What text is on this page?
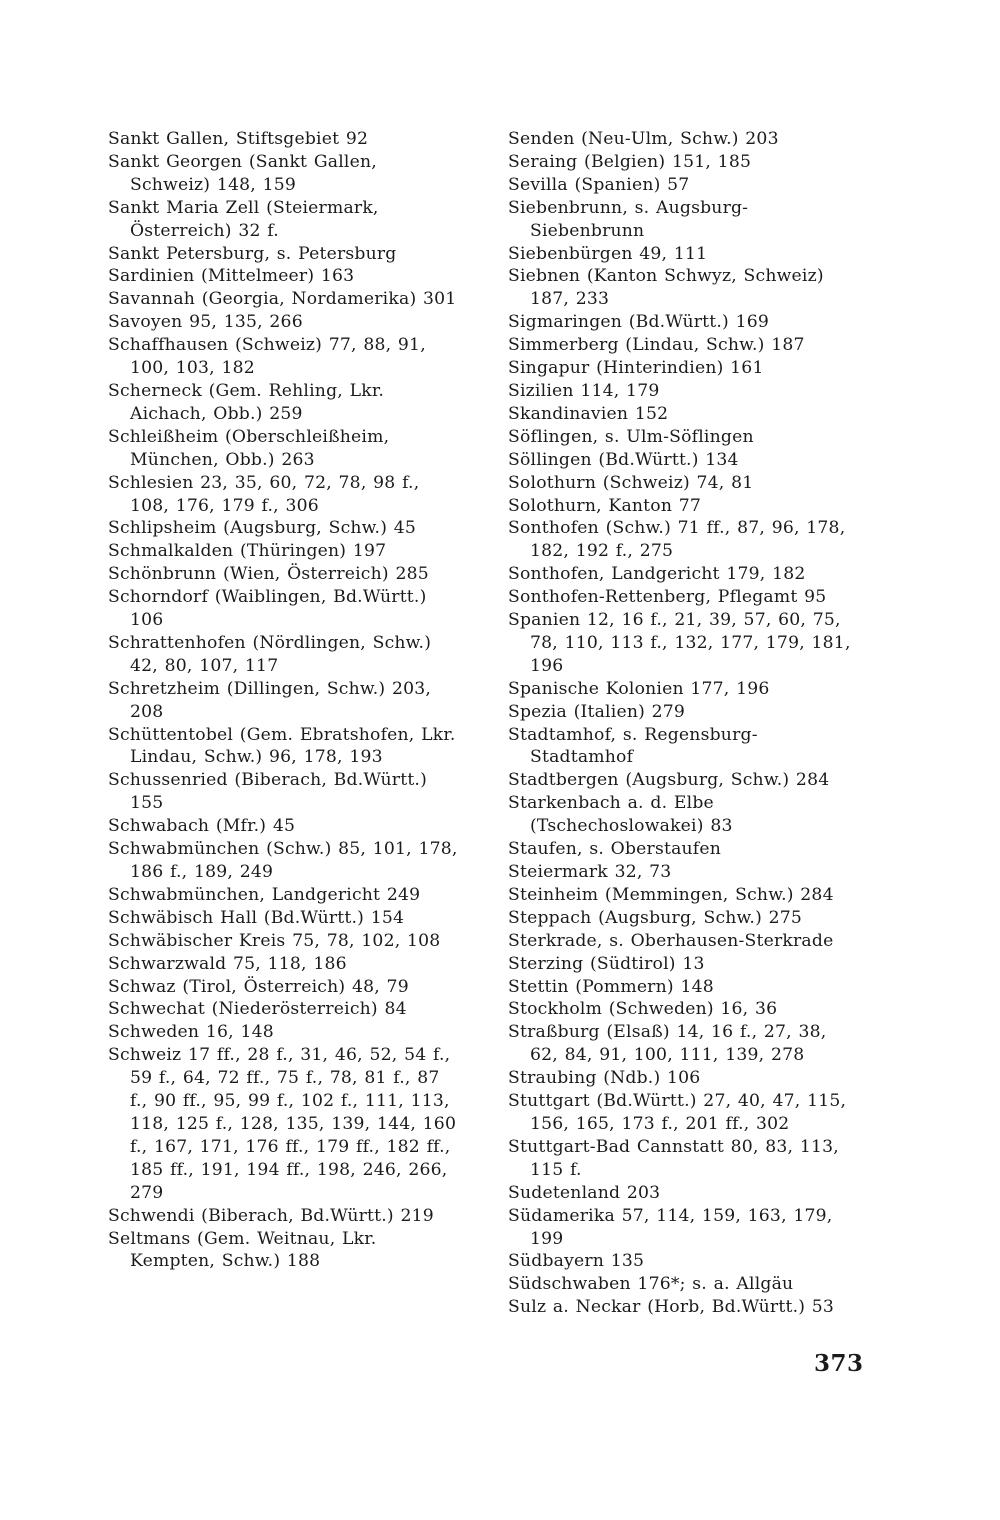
Sankt Gallen, Stiftsgebiet 92
Sankt Georgen (Sankt Gallen, Schweiz) 148, 159
Sankt Maria Zell (Steiermark, Österreich) 32 f.
Sankt Petersburg, s. Petersburg
Sardinien (Mittelmeer) 163
Savannah (Georgia, Nordamerika) 301
Savoyen 95, 135, 266
Schaffhausen (Schweiz) 77, 88, 91, 100, 103, 182
Scherneck (Gem. Rehling, Lkr. Aichach, Obb.) 259
Schleißheim (Oberschleißheim, München, Obb.) 263
Schlesien 23, 35, 60, 72, 78, 98 f., 108, 176, 179 f., 306
Schlipsheim (Augsburg, Schw.) 45
Schmalkalden (Thüringen) 197
Schönbrunn (Wien, Österreich) 285
Schorndorf (Waiblingen, Bd.Württ.) 106
Schrattenhofen (Nördlingen, Schw.) 42, 80, 107, 117
Schretzheim (Dillingen, Schw.) 203, 208
Schüttentobel (Gem. Ebratshofen, Lkr. Lindau, Schw.) 96, 178, 193
Schussenried (Biberach, Bd.Württ.) 155
Schwabach (Mfr.) 45
Schwabmünchen (Schw.) 85, 101, 178, 186 f., 189, 249
Schwabmünchen, Landgericht 249
Schwäbisch Hall (Bd.Württ.) 154
Schwäbischer Kreis 75, 78, 102, 108
Schwarzwald 75, 118, 186
Schwaz (Tirol, Österreich) 48, 79
Schwechat (Niederösterreich) 84
Schweden 16, 148
Schweiz 17 ff., 28 f., 31, 46, 52, 54 f., 59 f., 64, 72 ff., 75 f., 78, 81 f., 87 f., 90 ff., 95, 99 f., 102 f., 111, 113, 118, 125 f., 128, 135, 139, 144, 160 f., 167, 171, 176 ff., 179 ff., 182 ff., 185 ff., 191, 194 ff., 198, 246, 266, 279
Schwendi (Biberach, Bd.Württ.) 219
Seltmans (Gem. Weitnau, Lkr. Kempten, Schw.) 188
Senden (Neu-Ulm, Schw.) 203
Seraing (Belgien) 151, 185
Sevilla (Spanien) 57
Siebenbrunn, s. Augsburg-Siebenbrunn
Siebenbürgen 49, 111
Siebnen (Kanton Schwyz, Schweiz) 187, 233
Sigmaringen (Bd.Württ.) 169
Simmerberg (Lindau, Schw.) 187
Singapur (Hinterindien) 161
Sizilien 114, 179
Skandinavien 152
Söflingen, s. Ulm-Söflingen
Söllingen (Bd.Württ.) 134
Solothurn (Schweiz) 74, 81
Solothurn, Kanton 77
Sonthofen (Schw.) 71 ff., 87, 96, 178, 182, 192 f., 275
Sonthofen, Landgericht 179, 182
Sonthofen-Rettenberg, Pflegamt 95
Spanien 12, 16 f., 21, 39, 57, 60, 75, 78, 110, 113 f., 132, 177, 179, 181, 196
Spanische Kolonien 177, 196
Spezia (Italien) 279
Stadtamhof, s. Regensburg-Stadtamhof
Stadtbergen (Augsburg, Schw.) 284
Starkenbach a. d. Elbe (Tschechoslowakei) 83
Staufen, s. Oberstaufen
Steiermark 32, 73
Steinheim (Memmingen, Schw.) 284
Steppach (Augsburg, Schw.) 275
Sterkrade, s. Oberhausen-Sterkrade
Sterzing (Südtirol) 13
Stettin (Pommern) 148
Stockholm (Schweden) 16, 36
Straßburg (Elsaß) 14, 16 f., 27, 38, 62, 84, 91, 100, 111, 139, 278
Straubing (Ndb.) 106
Stuttgart (Bd.Württ.) 27, 40, 47, 115, 156, 165, 173 f., 201 ff., 302
Stuttgart-Bad Cannstatt 80, 83, 113, 115 f.
Sudetenland 203
Südamerika 57, 114, 159, 163, 179, 199
Südbayern 135
Südschwaben 176*; s. a. Allgäu
Sulz a. Neckar (Horb, Bd.Württ.) 53
373
